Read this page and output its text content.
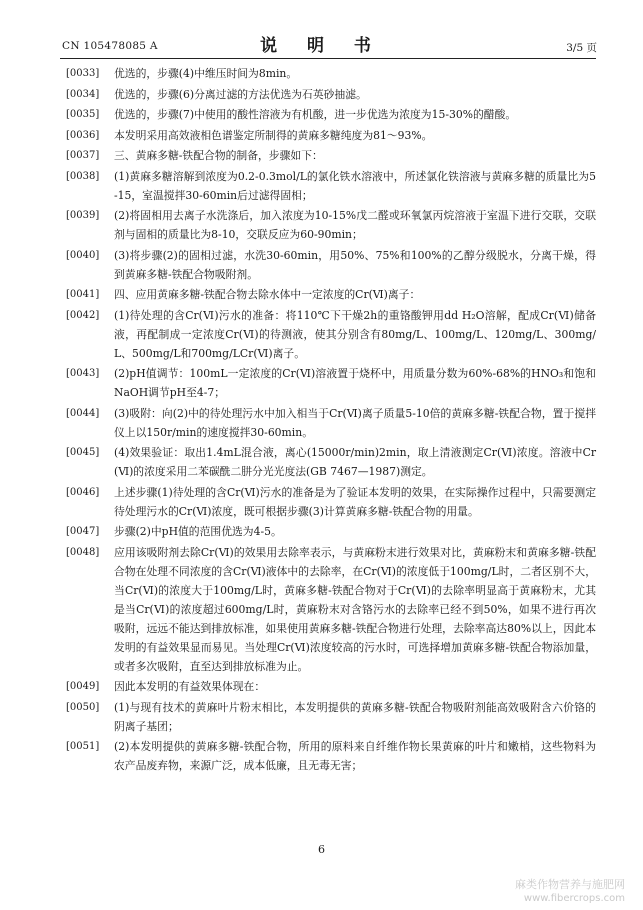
CN 105478085 A	说 明 书	3/5 页
[0033]	优选的，步骤(4)中维压时间为8min。
[0034]	优选的，步骤(6)分离过滤的方法优选为石英砂抽滤。
[0035]	优选的，步骤(7)中使用的酸性溶液为有机酸，进一步优选为浓度为15-30%的醋酸。
[0036]	本发明采用高效液相色谱鉴定所制得的黄麻多糖纯度为81～93%。
[0037]	三、黄麻多糖-铁配合物的制备，步骤如下：
[0038]	(1)黄麻多糖溶解到浓度为0.2-0.3mol/L的氯化铁水溶液中，所述氯化铁溶液与黄麻多糖的质量比为5-15，室温搅拌30-60min后过滤得固相；
[0039]	(2)将固相用去离子水洗涤后，加入浓度为10-15%戊二醛或环氧氯丙烷溶液于室温下进行交联，交联剂与固相的质量比为8-10，交联反应为60-90min；
[0040]	(3)将步骤(2)的固相过滤，水洗30-60min，用50%、75%和100%的乙醇分级脱水，分离干燥，得到黄麻多糖-铁配合物吸附剂。
[0041]	四、应用黄麻多糖-铁配合物去除水体中一定浓度的Cr(Ⅵ)离子：
[0042]	(1)待处理的含Cr(Ⅵ)污水的准备：将110℃下干燥2h的重铬酸钾用dd H₂O溶解，配成Cr(Ⅵ)储备液，再配制成一定浓度Cr(Ⅵ)的待测液，使其分别含有80mg/L、100mg/L、120mg/L、300mg/L、500mg/L和700mg/LCr(Ⅵ)离子。
[0043]	(2)pH值调节：100mL一定浓度的Cr(Ⅵ)溶液置于烧杯中，用质量分数为60%-68%的HNO₃和饱和NaOH调节pH至4-7；
[0044]	(3)吸附：向(2)中的待处理污水中加入相当于Cr(Ⅵ)离子质量5-10倍的黄麻多糖-铁配合物，置于搅拌仪上以150r/min的速度搅拌30-60min。
[0045]	(4)效果验证：取出1.4mL混合液，离心(15000r/min)2min，取上清液测定Cr(Ⅵ)浓度。溶液中Cr(Ⅵ)的浓度采用二苯碳酰二肼分光光度法(GB 7467—1987)测定。
[0046]	上述步骤(1)待处理的含Cr(Ⅵ)污水的准备是为了验证本发明的效果，在实际操作过程中，只需要测定待处理污水的Cr(Ⅵ)浓度，既可根据步骤(3)计算黄麻多糖-铁配合物的用量。
[0047]	步骤(2)中pH值的范围优选为4-5。
[0048]	应用该吸附剂去除Cr(Ⅵ)的效果用去除率表示，与黄麻粉末进行效果对比，黄麻粉末和黄麻多糖-铁配合物在处理不同浓度的含Cr(Ⅵ)液体中的去除率，在Cr(Ⅵ)的浓度低于100mg/L时，二者区别不大，当Cr(Ⅵ)的浓度大于100mg/L时，黄麻多糖-铁配合物对于Cr(Ⅵ)的去除率明显高于黄麻粉末，尤其是当Cr(Ⅵ)的浓度超过600mg/L时，黄麻粉末对含铬污水的去除率已经不到50%，如果不进行再次吸附，远远不能达到排放标准，如果使用黄麻多糖-铁配合物进行处理，去除率高达80%以上，因此本发明的有益效果显而易见。当处理Cr(Ⅵ)浓度较高的污水时，可选择增加黄麻多糖-铁配合物添加量，或者多次吸附，直至达到排放标准为止。
[0049]	因此本发明的有益效果体现在：
[0050]	(1)与现有技术的黄麻叶片粉末相比，本发明提供的黄麻多糖-铁配合物吸附剂能高效吸附含六价铬的阴离子基团；
[0051]	(2)本发明提供的黄麻多糖-铁配合物，所用的原料来自纤维作物长果黄麻的叶片和嫩梢，这些物料为农产品废弃物，来源广泛，成本低廉，且无毒无害；
6
麻类作物营养与施肥网
www.fibercrops.com
